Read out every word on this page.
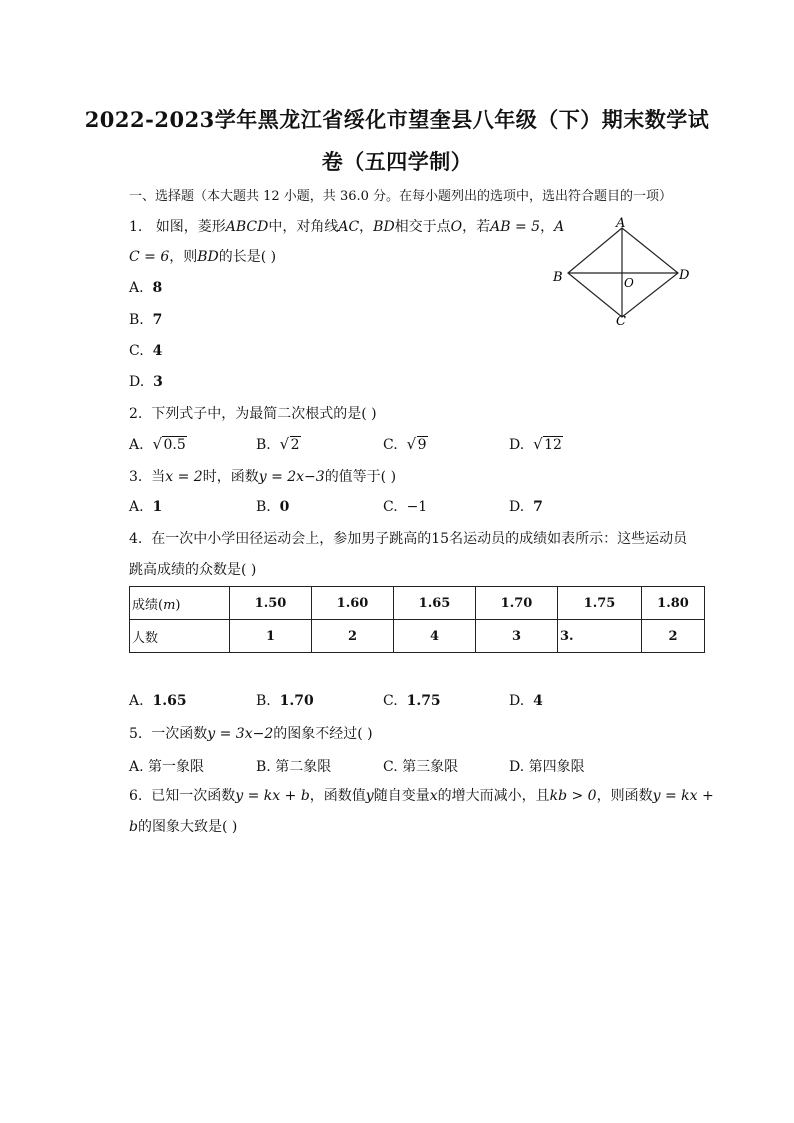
2022-2023学年黑龙江省绥化市望奎县八年级（下）期末数学试
卷（五四学制）
一、选择题（本大题共 12 小题，共 36.0 分。在每小题列出的选项中，选出符合题目的一项）
1. 如图，菱形ABCD中，对角线AC，BD相交于点O，若AB = 5，A
C = 6，则BD的长是( )
A. 8
B. 7
C. 4
D. 3
A
B	D
O
C
2. 下列式子中，为最简二次根式的是( )
A. √ 0.5	B. √ 2	C. √ 9	D. √ 12
3. 当x = 2时，函数y = 2x−3的值等于( )
A. 1	B. 0	C. −1	D. 7
4. 在一次中小学田径运动会上，参加男子跳高的15名运动员的成绩如表所示：这些运动员
跳高成绩的众数是( )
成绩(m)	1.50	1.60	1.65	1.70	1.75	1.80
人数	1	2	4	3	3.	2
A. 1.65	B. 1.70	C. 1.75	D. 4
5. 一次函数y = 3x−2的图象不经过( )
A. 第一象限	B. 第二象限	C. 第三象限	D. 第四象限
6. 已知一次函数y = kx + b，函数值y随自变量x的增大而减小，且kb > 0，则函数y = kx +
b的图象大致是( )
